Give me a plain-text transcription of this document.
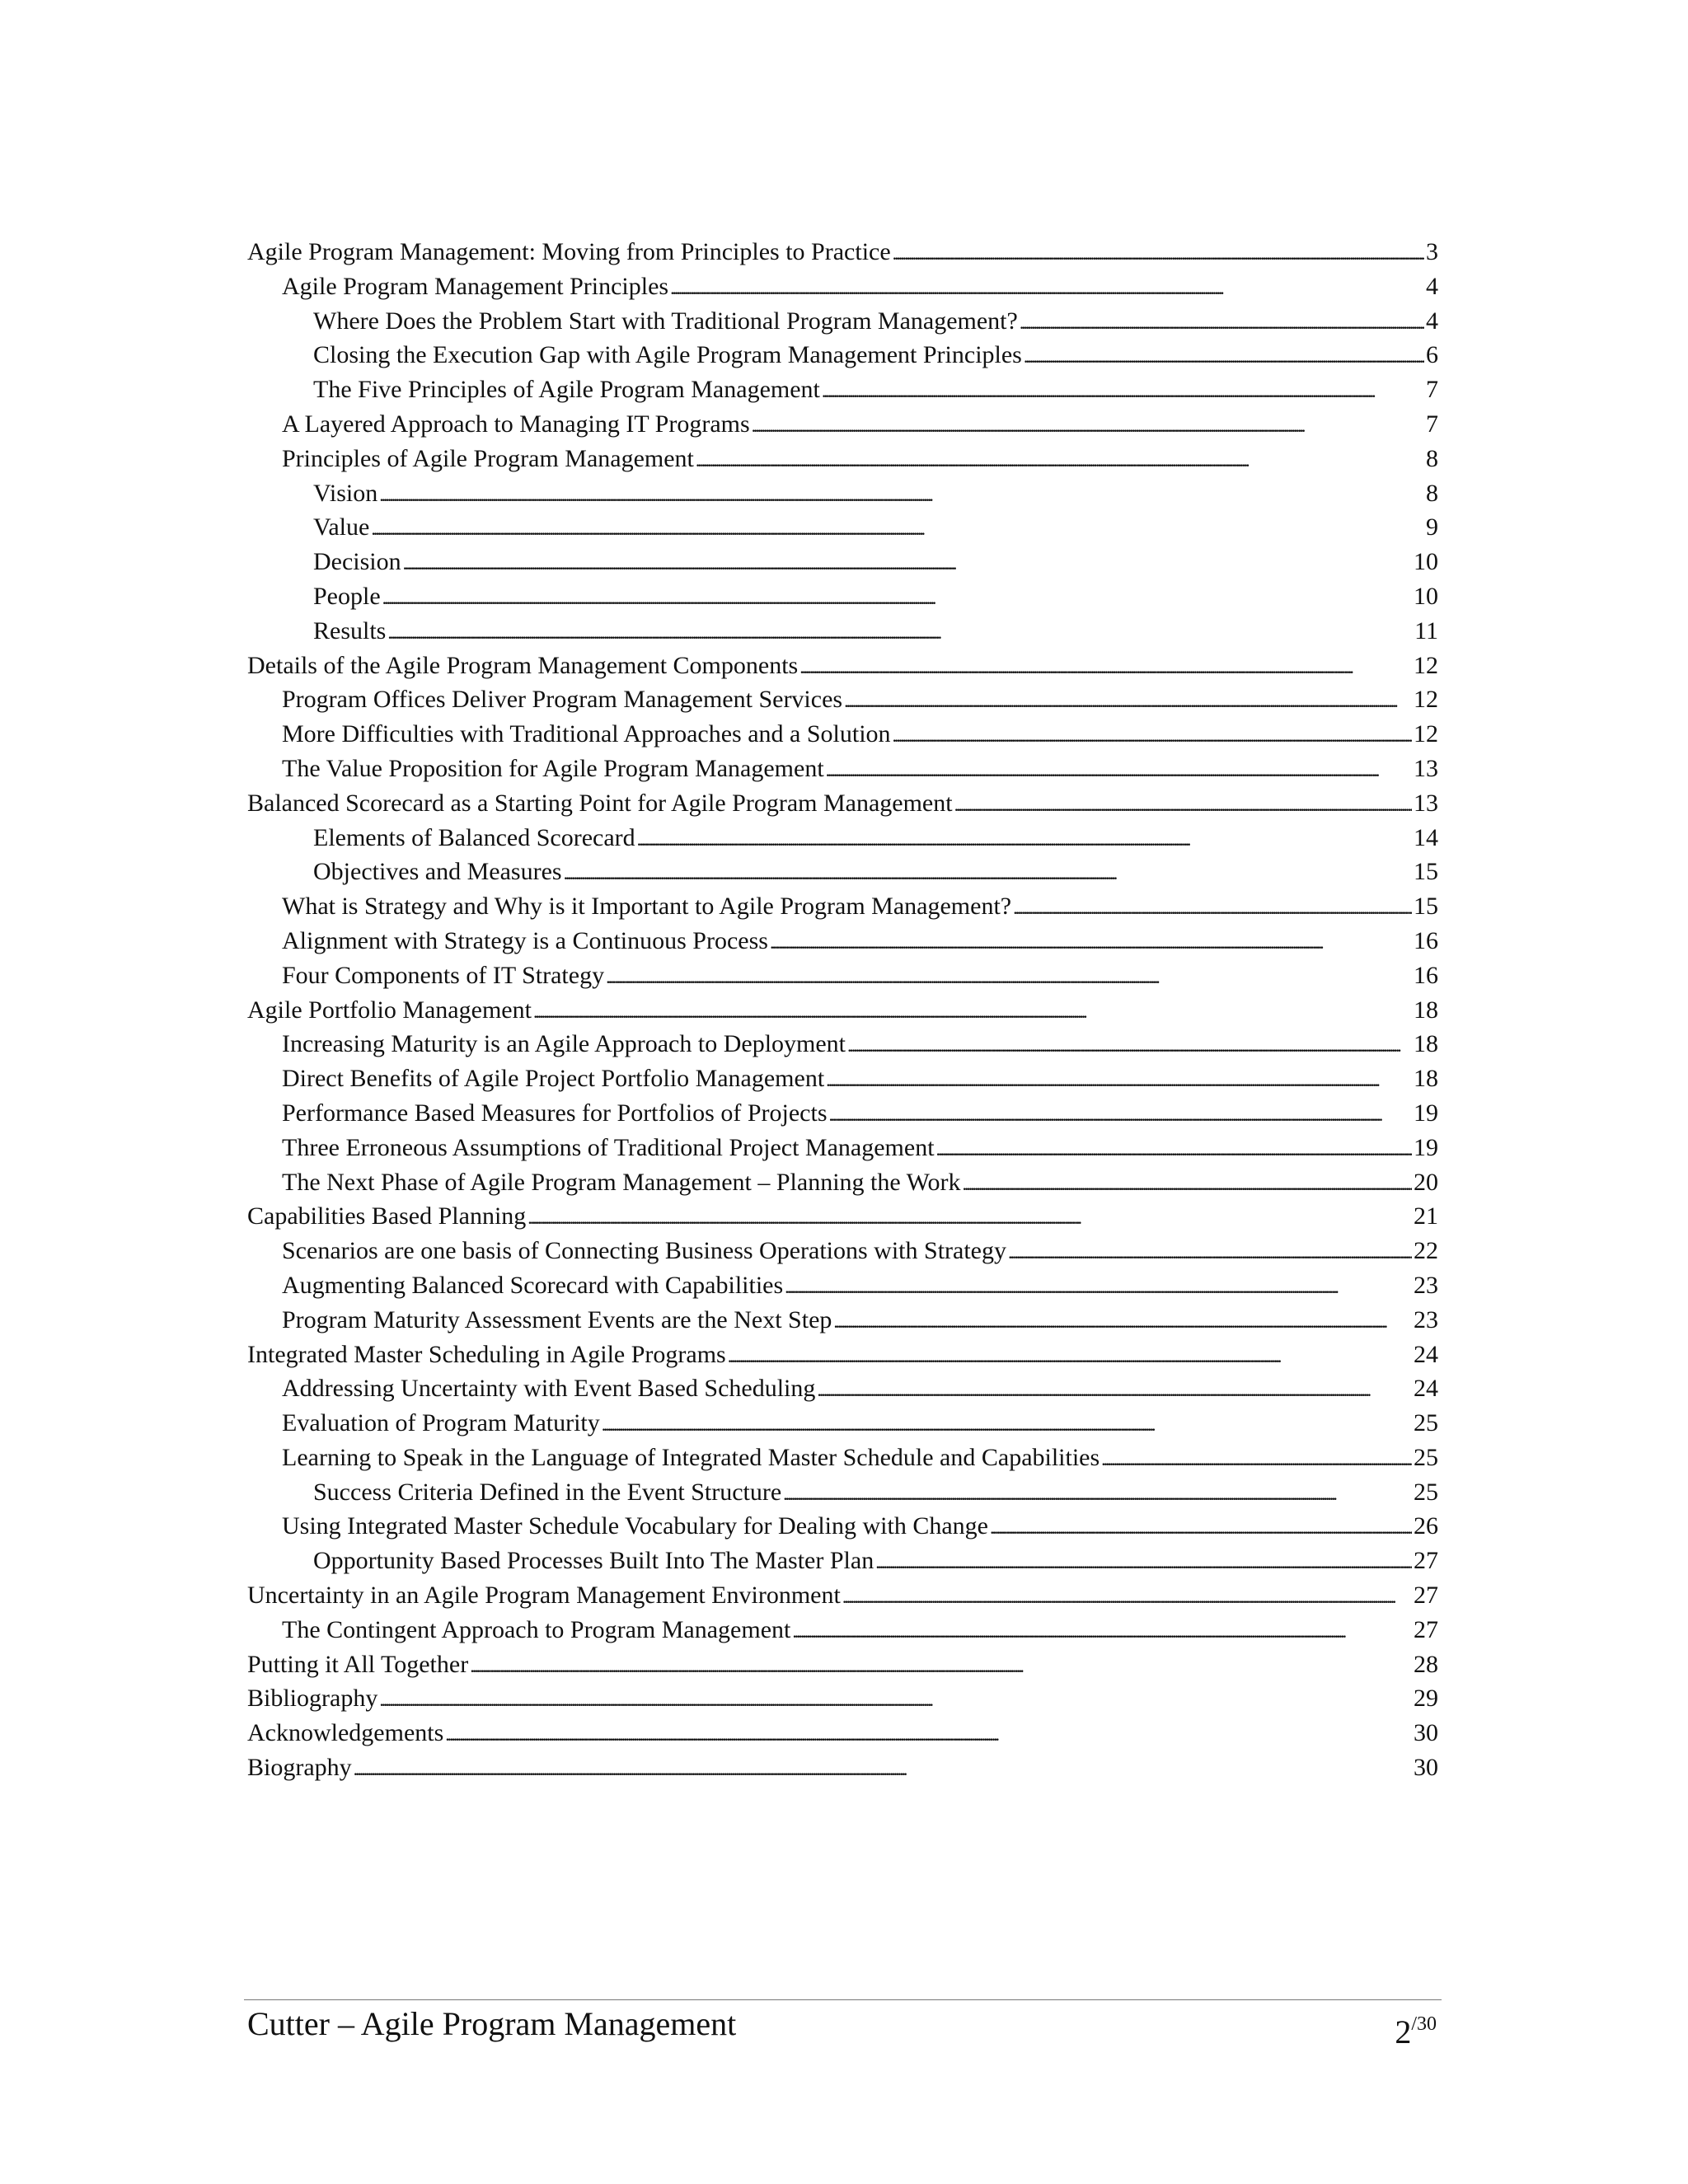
Agile Program Management: Moving from Principles to Practice . . .	3
Agile Program Management Principles . . .	4
Where Does the Problem Start with Traditional Program Management? . . .	4
Closing the Execution Gap with Agile Program Management Principles . . .	6
The Five Principles of Agile Program Management . . .	7
A Layered Approach to Managing IT Programs . . .	7
Principles of Agile Program Management . . .	8
Vision . . .	8
Value . . .	9
Decision . . .	10
People . . .	10
Results . . .	11
Details of the Agile Program Management Components . . .	12
Program Offices Deliver Program Management Services . . .	12
More Difficulties with Traditional Approaches and a Solution . . .	12
The Value Proposition for Agile Program Management . . .	13
Balanced Scorecard as a Starting Point for Agile Program Management . . .	13
Elements of Balanced Scorecard . . .	14
Objectives and Measures . . .	15
What is Strategy and Why is it Important to Agile Program Management? . . .	15
Alignment with Strategy is a Continuous Process . . .	16
Four Components of IT Strategy . . .	16
Agile Portfolio Management . . .	18
Increasing Maturity is an Agile Approach to Deployment . . .	18
Direct Benefits of Agile Project Portfolio Management . . .	18
Performance Based Measures for Portfolios of Projects . . .	19
Three Erroneous Assumptions of Traditional Project Management . . .	19
The Next Phase of Agile Program Management – Planning the Work . . .	20
Capabilities Based Planning . . .	21
Scenarios are one basis of Connecting Business Operations with Strategy . . .	22
Augmenting Balanced Scorecard with Capabilities . . .	23
Program Maturity Assessment Events are the Next Step . . .	23
Integrated Master Scheduling in Agile Programs . . .	24
Addressing Uncertainty with Event Based Scheduling . . .	24
Evaluation of Program Maturity . . .	25
Learning to Speak in the Language of Integrated Master Schedule and Capabilities . . .	25
Success Criteria Defined in the Event Structure . . .	25
Using Integrated Master Schedule Vocabulary for Dealing with Change . . .	26
Opportunity Based Processes Built Into The Master Plan . . .	27
Uncertainty in an Agile Program Management Environment . . .	27
The Contingent Approach to Program Management . . .	27
Putting it All Together . . .	28
Bibliography . . .	29
Acknowledgements . . .	30
Biography . . .	30
Cutter – Agile Program Management	$2^{/30}$
